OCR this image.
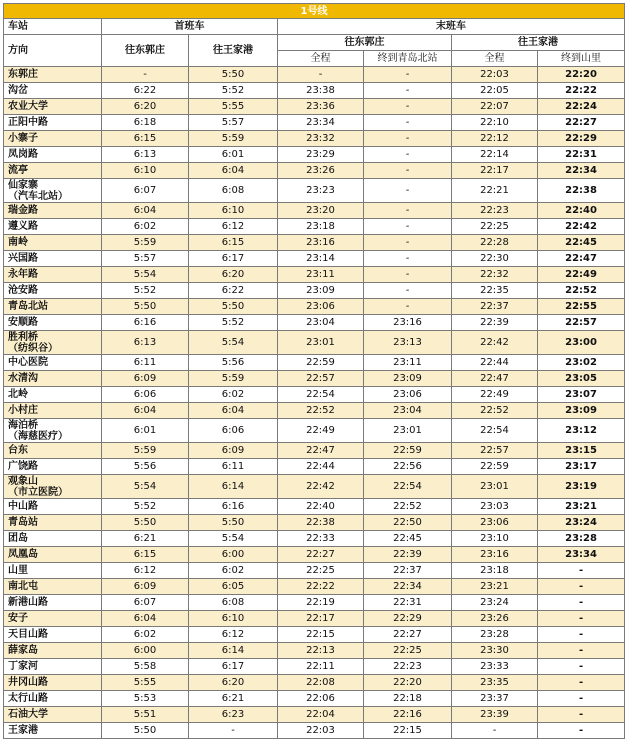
1号线						
车站	首班车		末班车			
方向	往东郭庄	往王家港	往东郭庄		往王家港	
			全程	终到青岛北站	全程	终到山里
东郭庄	-	5:50	-	-	22:03	22:20
沟岔	6:22	5:52	23:38	-	22:05	22:22
农业大学	6:20	5:55	23:36	-	22:07	22:24
正阳中路	6:18	5:57	23:34	-	22:10	22:27
小寨子	6:15	5:59	23:32	-	22:12	22:29
凤岗路	6:13	6:01	23:29	-	22:14	22:31
流亭	6:10	6:04	23:26	-	22:17	22:34
仙家寨
（汽车北站）	6:07	6:08	23:23	-	22:21	22:38
瑞金路	6:04	6:10	23:20	-	22:23	22:40
遵义路	6:02	6:12	23:18	-	22:25	22:42
南岭	5:59	6:15	23:16	-	22:28	22:45
兴国路	5:57	6:17	23:14	-	22:30	22:47
永年路	5:54	6:20	23:11	-	22:32	22:49
沧安路	5:52	6:22	23:09	-	22:35	22:52
青岛北站	5:50	5:50	23:06	-	22:37	22:55
安顺路	6:16	5:52	23:04	23:16	22:39	22:57
胜利桥
（纺织谷）	6:13	5:54	23:01	23:13	22:42	23:00
中心医院	6:11	5:56	22:59	23:11	22:44	23:02
水清沟	6:09	5:59	22:57	23:09	22:47	23:05
北岭	6:06	6:02	22:54	23:06	22:49	23:07
小村庄	6:04	6:04	22:52	23:04	22:52	23:09
海泊桥
（海慈医疗）	6:01	6:06	22:49	23:01	22:54	23:12
台东	5:59	6:09	22:47	22:59	22:57	23:15
广饶路	5:56	6:11	22:44	22:56	22:59	23:17
观象山
（市立医院）	5:54	6:14	22:42	22:54	23:01	23:19
中山路	5:52	6:16	22:40	22:52	23:03	23:21
青岛站	5:50	5:50	22:38	22:50	23:06	23:24
团岛	6:21	5:54	22:33	22:45	23:10	23:28
凤凰岛	6:15	6:00	22:27	22:39	23:16	23:34
山里	6:12	6:02	22:25	22:37	23:18	-
南北屯	6:09	6:05	22:22	22:34	23:21	-
新港山路	6:07	6:08	22:19	22:31	23:24	-
安子	6:04	6:10	22:17	22:29	23:26	-
天目山路	6:02	6:12	22:15	22:27	23:28	-
薛家岛	6:00	6:14	22:13	22:25	23:30	-
丁家河	5:58	6:17	22:11	22:23	23:33	-
井冈山路	5:55	6:20	22:08	22:20	23:35	-
太行山路	5:53	6:21	22:06	22:18	23:37	-
石油大学	5:51	6:23	22:04	22:16	23:39	-
王家港	5:50	-	22:03	22:15	-	-
